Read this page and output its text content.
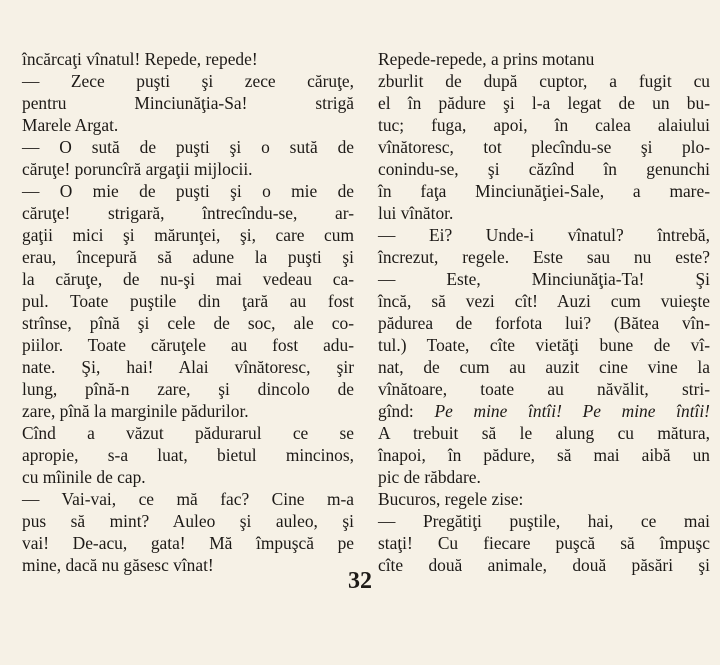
încărcaţi vînatul! Repede, repede!
— Zece puşti şi zece căruţe,
pentru Minciunăţia-Sa! strigă
Marele Argat.
— O sută de puşti şi o sută de
căruţe! poruncîră argaţii mijlocii.
— O mie de puşti şi o mie de
căruţe! strigară, întrecîndu-se, ar-
gaţii mici şi mărunţei, şi, care cum
erau, începură să adune la puşti şi
la căruţe, de nu-şi mai vedeau ca-
pul. Toate puştile din ţară au fost
strînse, pînă şi cele de soc, ale co-
piilor. Toate căruţele au fost adu-
nate. Şi, hai! Alai vînătoresc, şir
lung, pînă-n zare, şi dincolo de
zare, pînă la marginile pădurilor.
Cînd a văzut pădurarul ce se
apropie, s-a luat, bietul mincinos,
cu mîinile de cap.
— Vai-vai, ce mă fac? Cine m-a
pus să mint? Auleo şi auleo, şi
vai! De-acu, gata! Mă împuşcă pe
mine, dacă nu găsesc vînat!
Repede-repede, a prins motanu
zburlit de după cuptor, a fugit cu
el în pădure şi l-a legat de un bu-
tuc; fuga, apoi, în calea alaiului
vînătoresc, tot plecîndu-se şi plo-
conindu-se, şi căzînd în genunchi
în faţa Minciunăţiei-Sale, a mare-
lui vînător.
— Ei? Unde-i vînatul? întrebă,
încrezut, regele. Este sau nu este?
— Este, Minciunăţia-Ta! Şi
încă, să vezi cît! Auzi cum vuieşte
pădurea de forfota lui? (Bătea vîn-
tul.) Toate, cîte vietăţi bune de vî-
nat, de cum au auzit cine vine la
vînătoare, toate au năvălit, stri-
gînd: Pe mine întîi! Pe mine întîi!
A trebuit să le alung cu mătura,
înapoi, în pădure, să mai aibă un
pic de răbdare.
Bucuros, regele zise:
— Pregătiţi puştile, hai, ce mai
staţi! Cu fiecare puşcă să împuşc
cîte două animale, două păsări şi
32
